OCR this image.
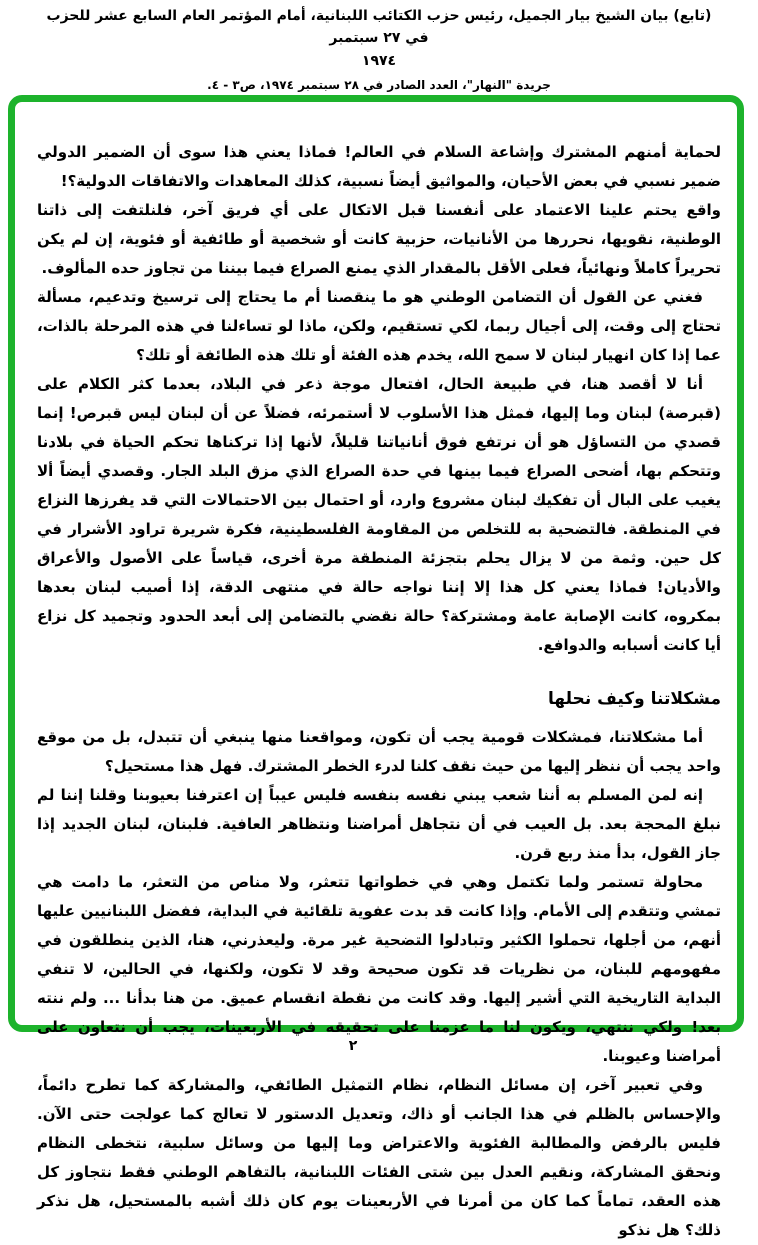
(تابع) بيان الشيخ بيار الجميل، رئيس حزب الكتائب اللبنانية، أمام المؤتمر العام السابع عشر للحزب في ٢٧ سبتمبر
١٩٧٤
جريدة "النهار"، العدد الصادر في ٢٨ سبتمبر ١٩٧٤، ص٣ - ٤.

لحماية أمنهم المشترك وإشاعة السلام في العالم! فماذا يعني هذا سوى أن الضمير الدولي ضمير نسبي في بعض الأحيان، والمواثيق أيضاً نسبية، كذلك المعاهدات والاتفاقات الدولية؟!

واقع يحتم علينا الاعتماد على أنفسنا قبل الاتكال على أي فريق آخر، فلنلتفت إلى ذاتنا الوطنية، نقويها، نحررها من الأنانيات، حزبية كانت أو شخصية أو طائفية أو فئوية، إن لم يكن تحريراً كاملاً ونهائياً، فعلى الأقل بالمقدار الذي يمنع الصراع فيما بيننا من تجاوز حده المألوف.

فغني عن القول أن التضامن الوطني هو ما ينقصنا أم ما يحتاج إلى ترسيخ وتدعيم، مسألة تحتاج إلى وقت، إلى أجيال ربما، لكي تستقيم، ولكن، ماذا لو تساءلنا في هذه المرحلة بالذات، عما إذا كان انهيار لبنان لا سمح الله، يخدم هذه الفئة أو تلك هذه الطائفة أو تلك؟

أنا لا أقصد هنا، في طبيعة الحال، افتعال موجة ذعر في البلاد، بعدما كثر الكلام على (قبرصة) لبنان وما إليها، فمثل هذا الأسلوب لا أستمرئه، فضلاً عن أن لبنان ليس قبرص! إنما قصدي من التساؤل هو أن نرتفع فوق أنانياتنا قليلاً، لأنها إذا تركناها تحكم الحياة في بلادنا وتتحكم بها، أضحى الصراع فيما بينها في حدة الصراع الذي مزق البلد الجار. وقصدي أيضاً ألا يغيب على البال أن تفكيك لبنان مشروع وارد، أو احتمال بين الاحتمالات التي قد يفرزها النزاع في المنطقة. فالتضحية به للتخلص من المقاومة الفلسطينية، فكرة شريرة تراود الأشرار في كل حين. وثمة من لا يزال يحلم بتجزئة المنطقة مرة أخرى، قياساً على الأصول والأعراق والأديان! فماذا يعني كل هذا إلا إننا نواجه حالة في منتهى الدقة، إذا أصيب لبنان بعدها بمكروه، كانت الإصابة عامة ومشتركة؟ حالة نقضي بالتضامن إلى أبعد الحدود وتجميد كل نزاع أيا كانت أسبابه والدوافع.

مشكلاتنا وكيف نحلها

أما مشكلاتنا، فمشكلات قومية يجب أن تكون، ومواقعنا منها ينبغي أن تتبدل، بل من موقع واحد يجب أن ننظر إليها من حيث نقف كلنا لدرء الخطر المشترك. فهل هذا مستحيل؟

إنه لمن المسلم به أننا شعب يبني نفسه بنفسه فليس عيباً إن اعترفنا بعيوبنا وقلنا إننا لم نبلغ المحجة بعد. بل العيب في أن نتجاهل أمراضنا ونتظاهر العافية. فلبنان، لبنان الجديد إذا جاز القول، بدأ منذ ربع قرن.

محاولة تستمر ولما تكتمل وهي في خطواتها تتعثر، ولا مناص من التعثر، ما دامت هي تمشي وتتقدم إلى الأمام. وإذا كانت قد بدت عفوية تلقائية في البداية، ففضل اللبنانيين عليها أنهم، من أجلها، تحملوا الكثير وتبادلوا التضحية غير مرة. وليعذرني، هنا، الذين ينطلقون في مفهومهم للبنان، من نظريات قد تكون صحيحة وقد لا تكون، ولكنها، في الحالين، لا تنفي البداية التاريخية التي أشير إليها. وقد كانت من نقطة انقسام عميق. من هنا بدأنا ... ولم ننته بعد! ولكي ننتهي، ويكون لنا ما عزمنا على تحقيقه في الأربعينات، يجب أن نتعاون على أمراضنا وعيوبنا.

وفي تعبير آخر، إن مسائل النظام، نظام التمثيل الطائفي، والمشاركة كما تطرح دائماً، والإحساس بالظلم في هذا الجانب أو ذاك، وتعديل الدستور لا تعالج كما عولجت حتى الآن. فليس بالرفض والمطالبة الفئوية والاعتراض وما إليها من وسائل سلبية، نتخطى النظام ونحقق المشاركة، ونقيم العدل بين شتى الفئات اللبنانية، بالتفاهم الوطني فقط نتجاوز كل هذه العقد، تماماً كما كان من أمرنا في الأربعينات يوم كان ذلك أشبه بالمستحيل، هل نذكر ذلك؟ هل نذكو

٢
